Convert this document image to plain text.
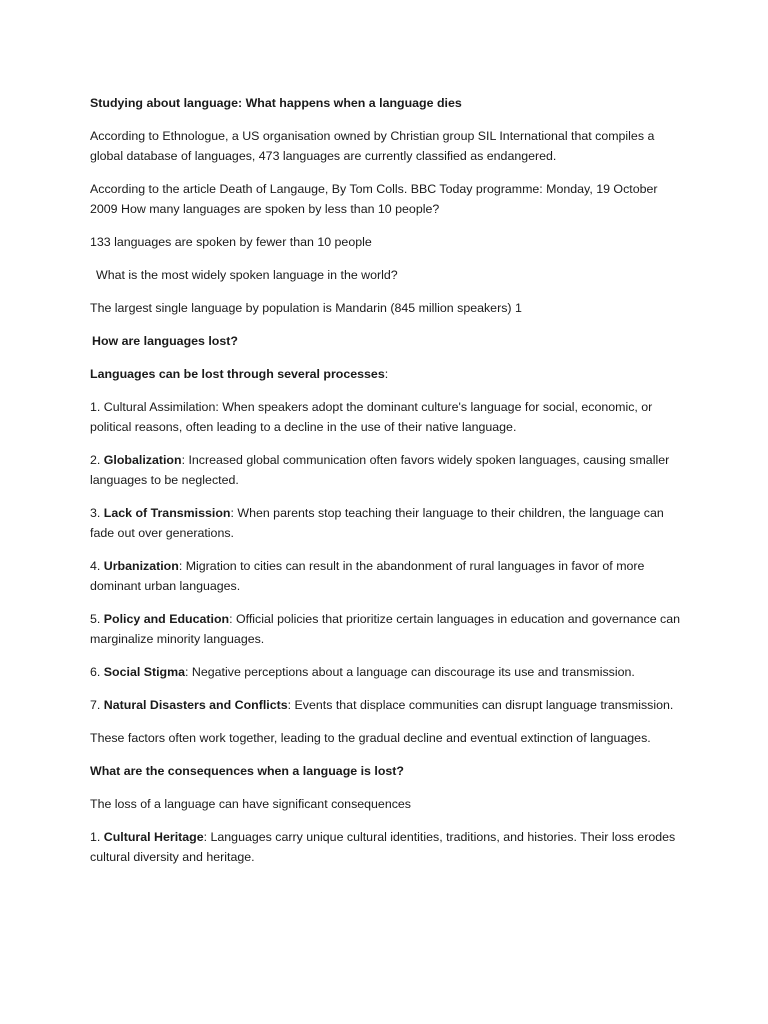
Studying about language: What happens when a language dies

According to Ethnologue, a US organisation owned by Christian group SIL International that compiles a global database of languages, 473 languages are currently classified as endangered.

According to the article Death of Langauge, By Tom Colls. BBC Today programme: Monday, 19 October 2009 How many languages are spoken by less than 10 people?

133 languages are spoken by fewer than 10 people

What is the most widely spoken language in the world?

The largest single language by population is Mandarin (845 million speakers) 1

How are languages lost?

Languages can be lost through several processes:

1. Cultural Assimilation: When speakers adopt the dominant culture's language for social, economic, or political reasons, often leading to a decline in the use of their native language.

2. Globalization: Increased global communication often favors widely spoken languages, causing smaller languages to be neglected.

3. Lack of Transmission: When parents stop teaching their language to their children, the language can fade out over generations.

4. Urbanization: Migration to cities can result in the abandonment of rural languages in favor of more dominant urban languages.

5. Policy and Education: Official policies that prioritize certain languages in education and governance can marginalize minority languages.

6. Social Stigma: Negative perceptions about a language can discourage its use and transmission.

7. Natural Disasters and Conflicts: Events that displace communities can disrupt language transmission.

These factors often work together, leading to the gradual decline and eventual extinction of languages.

What are the consequences when a language is lost?

The loss of a language can have significant consequences

1. Cultural Heritage: Languages carry unique cultural identities, traditions, and histories. Their loss erodes cultural diversity and heritage.
